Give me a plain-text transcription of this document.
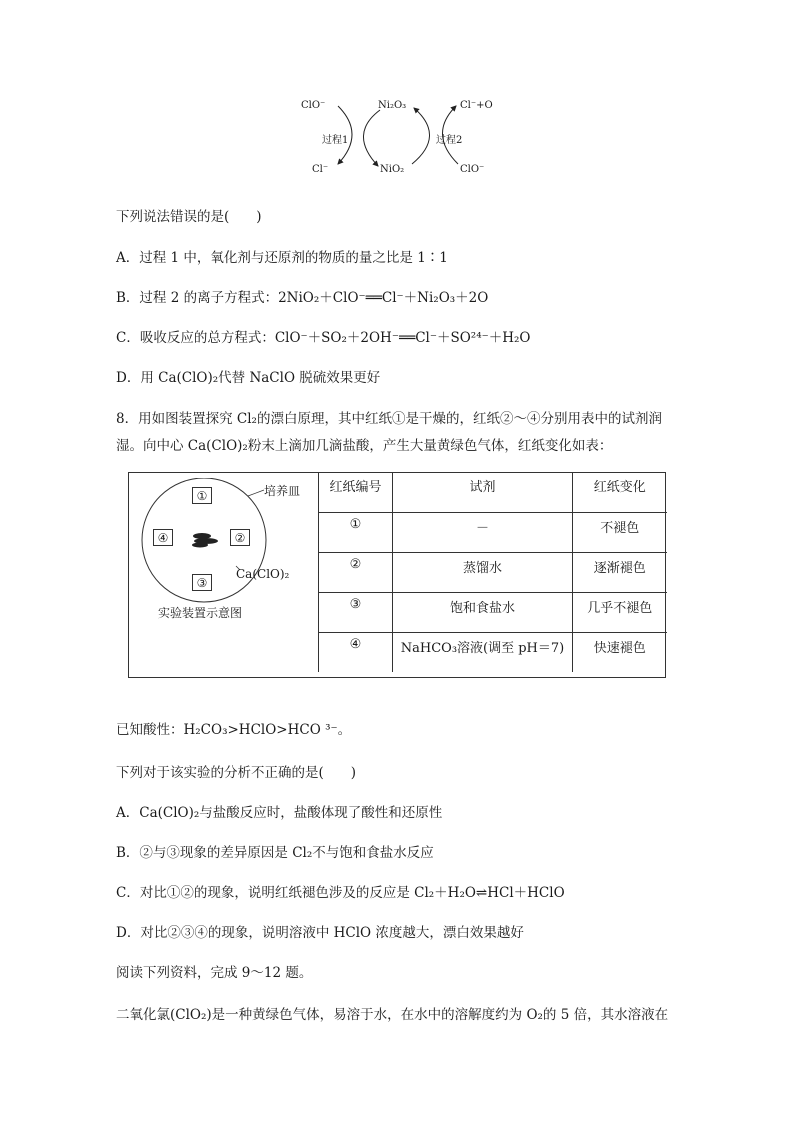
ClO⁻	Ni₂O₃	Cl⁻+O
过程1	过程2
Cl⁻	NiO₂	ClO⁻
下列说法错误的是(　　)
A．过程 1 中，氧化剂与还原剂的物质的量之比是 1∶1
B．过程 2 的离子方程式：2NiO₂＋ClO⁻══Cl⁻＋Ni₂O₃＋2O
C．吸收反应的总方程式：ClO⁻＋SO₂＋2OH⁻══Cl⁻＋SO²⁴⁻＋H₂O
D．用 Ca(ClO)₂代替 NaClO 脱硫效果更好
8．用如图装置探究 Cl₂的漂白原理，其中红纸①是干燥的，红纸②～④分别用表中的试剂润
湿。向中心 Ca(ClO)₂粉末上滴加几滴盐酸，产生大量黄绿色气体，红纸变化如表：
培养皿
Ca(ClO)₂
实验装置示意图
①
②
③
④
红纸编号	试剂	红纸变化
①	－	不褪色
②	蒸馏水	逐渐褪色
③	饱和食盐水	几乎不褪色
④	NaHCO₃溶液(调至 pH＝7)	快速褪色
已知酸性：H₂CO₃>HClO>HCO ³⁻。
下列对于该实验的分析不正确的是(　　)
A．Ca(ClO)₂与盐酸反应时，盐酸体现了酸性和还原性
B．②与③现象的差异原因是 Cl₂不与饱和食盐水反应
C．对比①②的现象，说明红纸褪色涉及的反应是 Cl₂＋H₂O⇌HCl＋HClO
D．对比②③④的现象，说明溶液中 HClO 浓度越大，漂白效果越好
阅读下列资料，完成 9～12 题。
二氧化氯(ClO₂)是一种黄绿色气体，易溶于水，在水中的溶解度约为 O₂的 5 倍，其水溶液在
